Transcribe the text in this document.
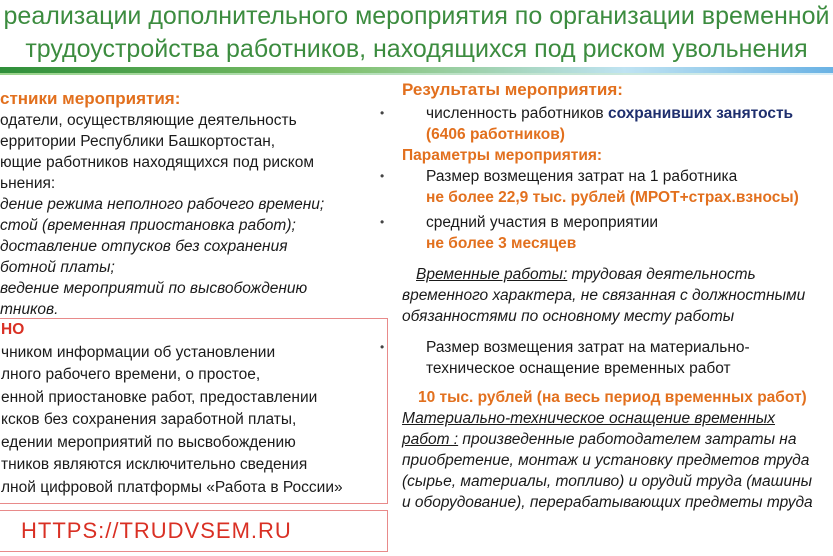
реализации дополнительного мероприятия по организации временной
трудоустройства работников, находящихся под риском увольнения

стники мероприятия:

одатели, осуществляющие деятельность

ерритории Республики Башкортостан,

ющие работников находящихся под риском

ьнения:

дение режима неполного рабочего времени;

стой (временная приостановка работ);

доставление отпусков без сохранения

ботной платы;

ведение мероприятий по высвобождению

тников.

НО

чником информации об установлении

лного рабочего времени, о простое,

енной приостановке работ, предоставлении

ксков без сохранения заработной платы,

едении мероприятий по высвобождению

тников являются исключительно сведения

лной цифровой платформы «Работа в России»

HTTPS://TRUDVSEM.RU

Результаты мероприятия:

•	численность работников сохранивших занятость

(6406 работников)

Параметры мероприятия:

•	Размер возмещения затрат на 1 работника

не более 22,9 тыс. рублей (МРОТ+страх.взносы)

•	средний участия в мероприятии

не более 3 месяцев

Временные работы: трудовая деятельность

временного характера, не связанная с должностными

обязанностями по основному месту работы

•	Размер возмещения затрат на материально-

техническое оснащение временных работ

10 тыс. рублей (на весь период временных работ)

Материально-техническое оснащение временных

работ : произведенные работодателем затраты на

приобретение, монтаж и установку предметов труда

(сырье, материалы, топливо) и орудий труда (машины

и оборудование), перерабатывающих предметы труда
